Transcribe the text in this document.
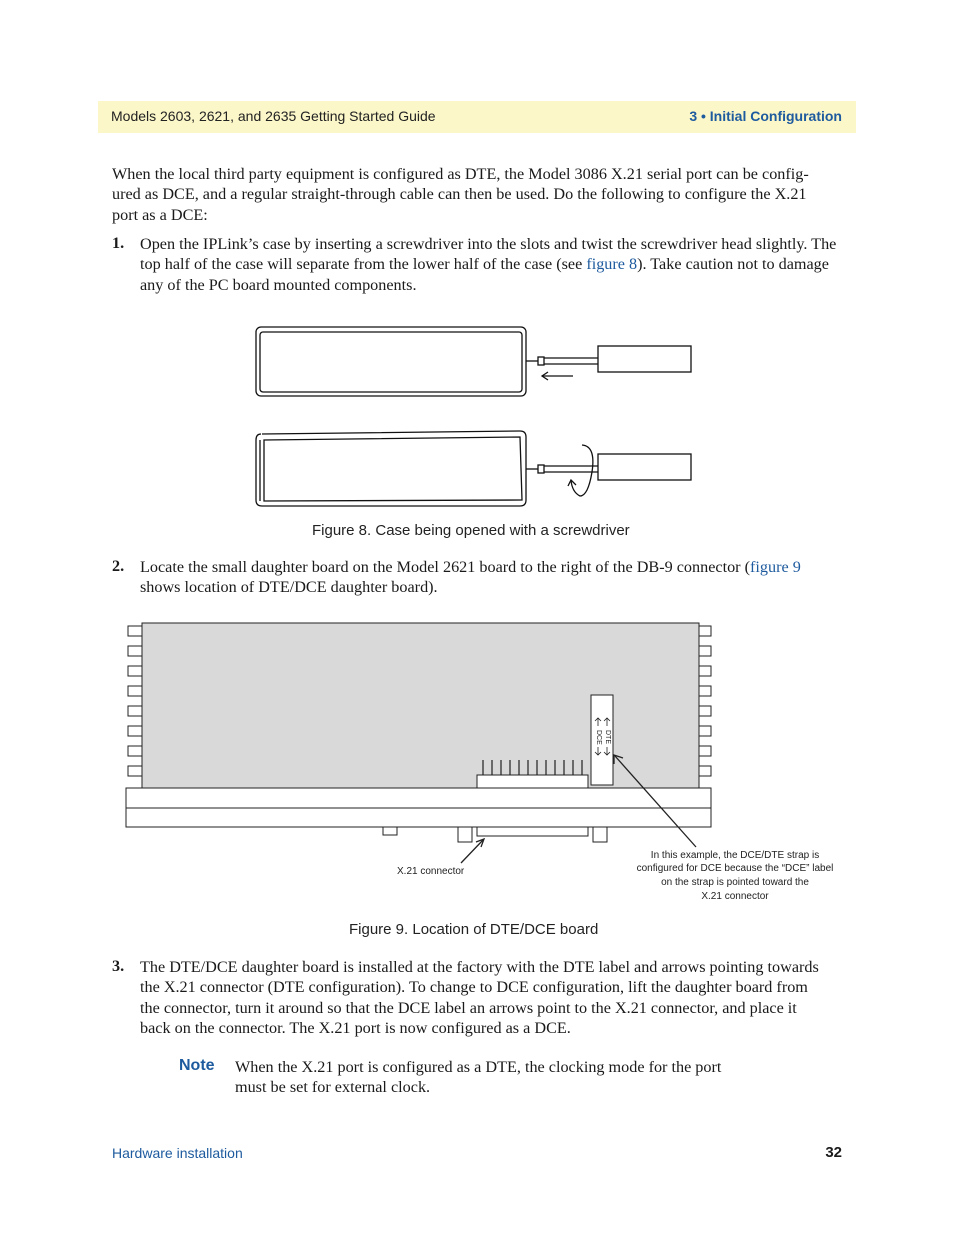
Models 2603, 2621, and 2635 Getting Started Guide	3 • Initial Configuration
When the local third party equipment is configured as DTE, the Model 3086 X.21 serial port can be config-
ured as DCE, and a regular straight-through cable can then be used. Do the following to configure the X.21
port as a DCE:
1. Open the IPLink’s case by inserting a screwdriver into the slots and twist the screwdriver head slightly. The
top half of the case will separate from the lower half of the case (see figure 8). Take caution not to damage
any of the PC board mounted components.
Figure 8. Case being opened with a screwdriver
2. Locate the small daughter board on the Model 2621 board to the right of the DB-9 connector (figure 9
shows location of DTE/DCE daughter board).
DCE DTE
X.21 connector
In this example, the DCE/DTE strap is
configured for DCE because the “DCE” label
on the strap is pointed toward the
X.21 connector
Figure 9. Location of DTE/DCE board
3. The DTE/DCE daughter board is installed at the factory with the DTE label and arrows pointing towards
the X.21 connector (DTE configuration). To change to DCE configuration, lift the daughter board from
the connector, turn it around so that the DCE label an arrows point to the X.21 connector, and place it
back on the connector. The X.21 port is now configured as a DCE.
Note When the X.21 port is configured as a DTE, the clocking mode for the port
must be set for external clock.
Hardware installation	32
